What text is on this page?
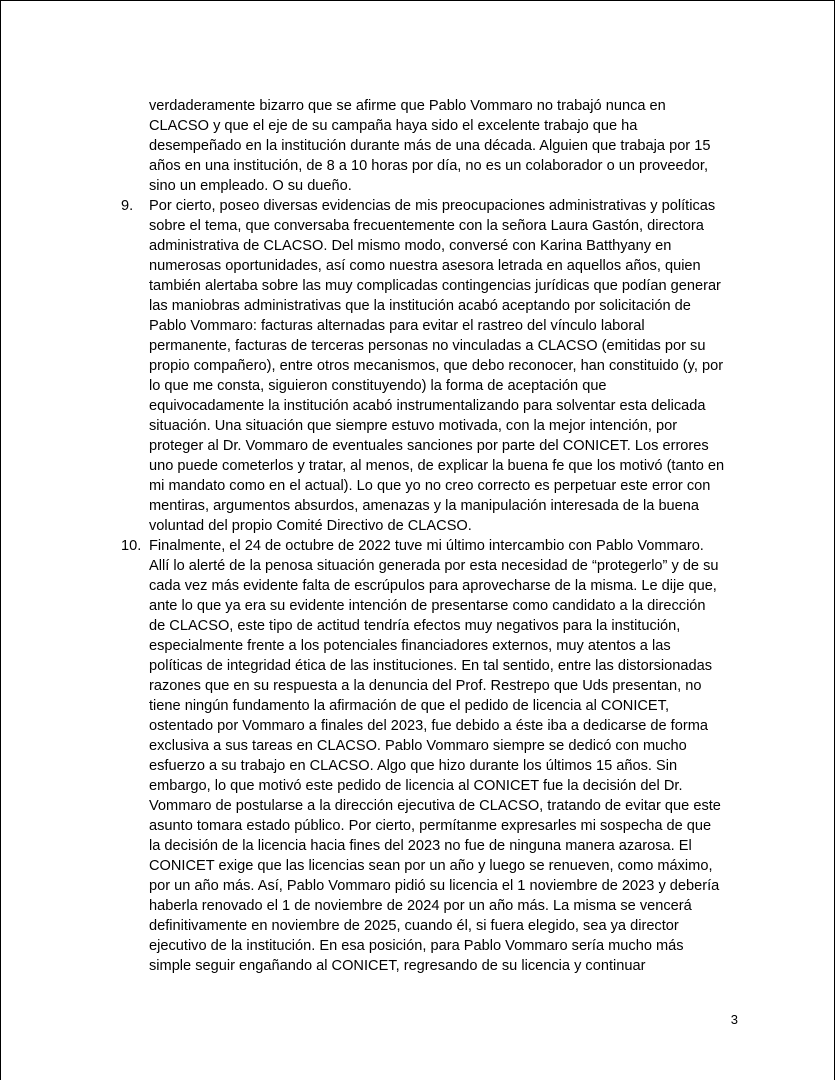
verdaderamente bizarro que se afirme que Pablo Vommaro no trabajó nunca en
CLACSO y que el eje de su campaña haya sido el excelente trabajo que ha
desempeñado en la institución durante más de una década. Alguien que trabaja por 15
años en una institución, de 8 a 10 horas por día, no es un colaborador o un proveedor,
sino un empleado. O su dueño.
9.	Por cierto, poseo diversas evidencias de mis preocupaciones administrativas y políticas
sobre el tema, que conversaba frecuentemente con la señora Laura Gastón, directora
administrativa de CLACSO. Del mismo modo, conversé con Karina Batthyany en
numerosas oportunidades, así como nuestra asesora letrada en aquellos años, quien
también alertaba sobre las muy complicadas contingencias jurídicas que podían generar
las maniobras administrativas que la institución acabó aceptando por solicitación de
Pablo Vommaro: facturas alternadas para evitar el rastreo del vínculo laboral
permanente, facturas de terceras personas no vinculadas a CLACSO (emitidas por su
propio compañero), entre otros mecanismos, que debo reconocer, han constituido (y, por
lo que me consta, siguieron constituyendo) la forma de aceptación que
equivocadamente la institución acabó instrumentalizando para solventar esta delicada
situación. Una situación que siempre estuvo motivada, con la mejor intención, por
proteger al Dr. Vommaro de eventuales sanciones por parte del CONICET. Los errores
uno puede cometerlos y tratar, al menos, de explicar la buena fe que los motivó (tanto en
mi mandato como en el actual). Lo que yo no creo correcto es perpetuar este error con
mentiras, argumentos absurdos, amenazas y la manipulación interesada de la buena
voluntad del propio Comité Directivo de CLACSO.
10. Finalmente, el 24 de octubre de 2022 tuve mi último intercambio con Pablo Vommaro.
Allí lo alerté de la penosa situación generada por esta necesidad de “protegerlo” y de su
cada vez más evidente falta de escrúpulos para aprovecharse de la misma. Le dije que,
ante lo que ya era su evidente intención de presentarse como candidato a la dirección
de CLACSO, este tipo de actitud tendría efectos muy negativos para la institución,
especialmente frente a los potenciales financiadores externos, muy atentos a las
políticas de integridad ética de las instituciones. En tal sentido, entre las distorsionadas
razones que en su respuesta a la denuncia del Prof. Restrepo que Uds presentan, no
tiene ningún fundamento la afirmación de que el pedido de licencia al CONICET,
ostentado por Vommaro a finales del 2023, fue debido a éste iba a dedicarse de forma
exclusiva a sus tareas en CLACSO. Pablo Vommaro siempre se dedicó con mucho
esfuerzo a su trabajo en CLACSO. Algo que hizo durante los últimos 15 años. Sin
embargo, lo que motivó este pedido de licencia al CONICET fue la decisión del Dr.
Vommaro de postularse a la dirección ejecutiva de CLACSO, tratando de evitar que este
asunto tomara estado público. Por cierto, permítanme expresarles mi sospecha de que
la decisión de la licencia hacia fines del 2023 no fue de ninguna manera azarosa. El
CONICET exige que las licencias sean por un año y luego se renueven, como máximo,
por un año más. Así, Pablo Vommaro pidió su licencia el 1 noviembre de 2023 y debería
haberla renovado el 1 de noviembre de 2024 por un año más. La misma se vencerá
definitivamente en noviembre de 2025, cuando él, si fuera elegido, sea ya director
ejecutivo de la institución. En esa posición, para Pablo Vommaro sería mucho más
simple seguir engañando al CONICET, regresando de su licencia y continuar
3
